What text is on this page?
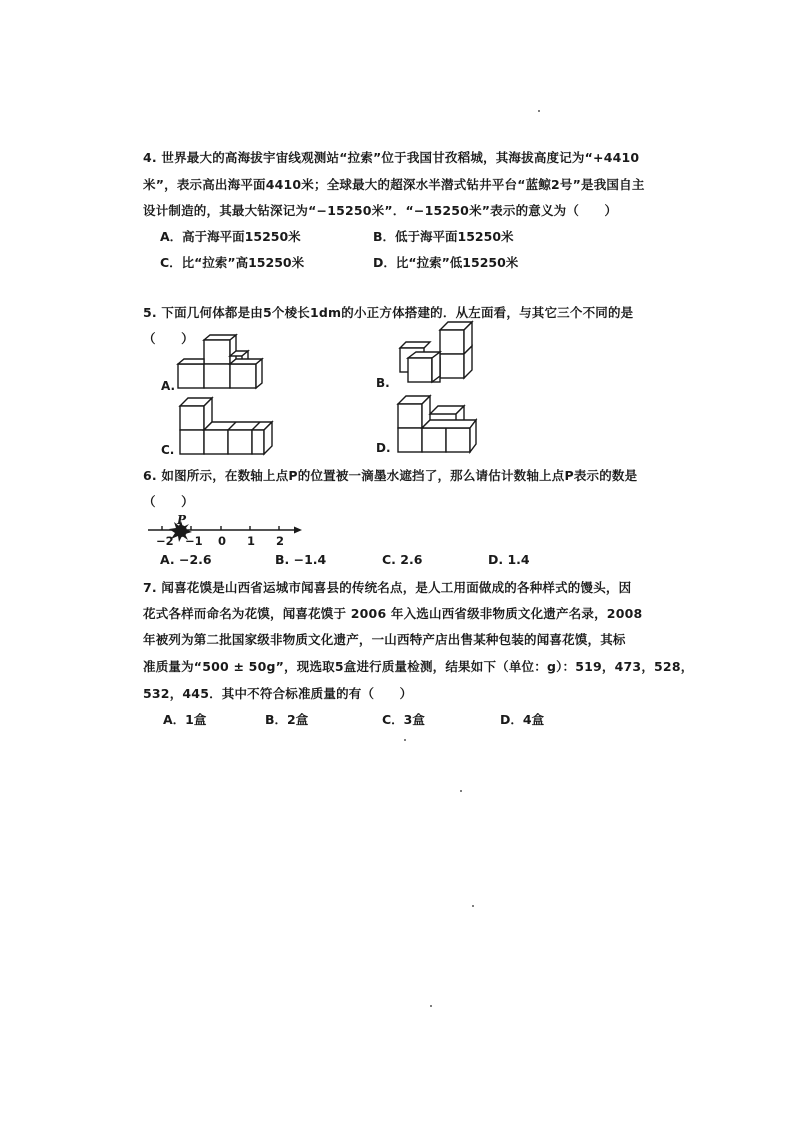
4. 世界最大的高海拔宇宙线观测站“拉索”位于我国甘孜稻城，其海拔高度记为“+4410
米”，表示高出海平面4410米；全球最大的超深水半潜式钻井平台“蓝鲸2号”是我国自主
设计制造的，其最大钻深记为“−15250米”．“−15250米”表示的意义为（　　）
A．高于海平面15250米	B．低于海平面15250米
C．比“拉索”高15250米	D．比“拉索”低15250米
5. 下面几何体都是由5个棱长1dm的小正方体搭建的．从左面看，与其它三个不同的是
（　　）
A.	B.
C.	D.
6. 如图所示，在数轴上点P的位置被一滴墨水遮挡了，那么请估计数轴上点P表示的数是
（　　）
P
−2 −1 0 1 2
A. −2.6	B. −1.4	C. 2.6	D. 1.4
7. 闻喜花馍是山西省运城市闻喜县的传统名点，是人工用面做成的各种样式的馒头，因
花式各样而命名为花馍，闻喜花馍于 2006 年入选山西省级非物质文化遗产名录，2008
年被列为第二批国家级非物质文化遗产，一山西特产店出售某种包装的闻喜花馍，其标
准质量为“500 ± 50g”，现选取5盒进行质量检测，结果如下（单位：g）：519，473，528，
532，445．其中不符合标准质量的有（　　）
A．1盒	B．2盒	C．3盒	D．4盒
